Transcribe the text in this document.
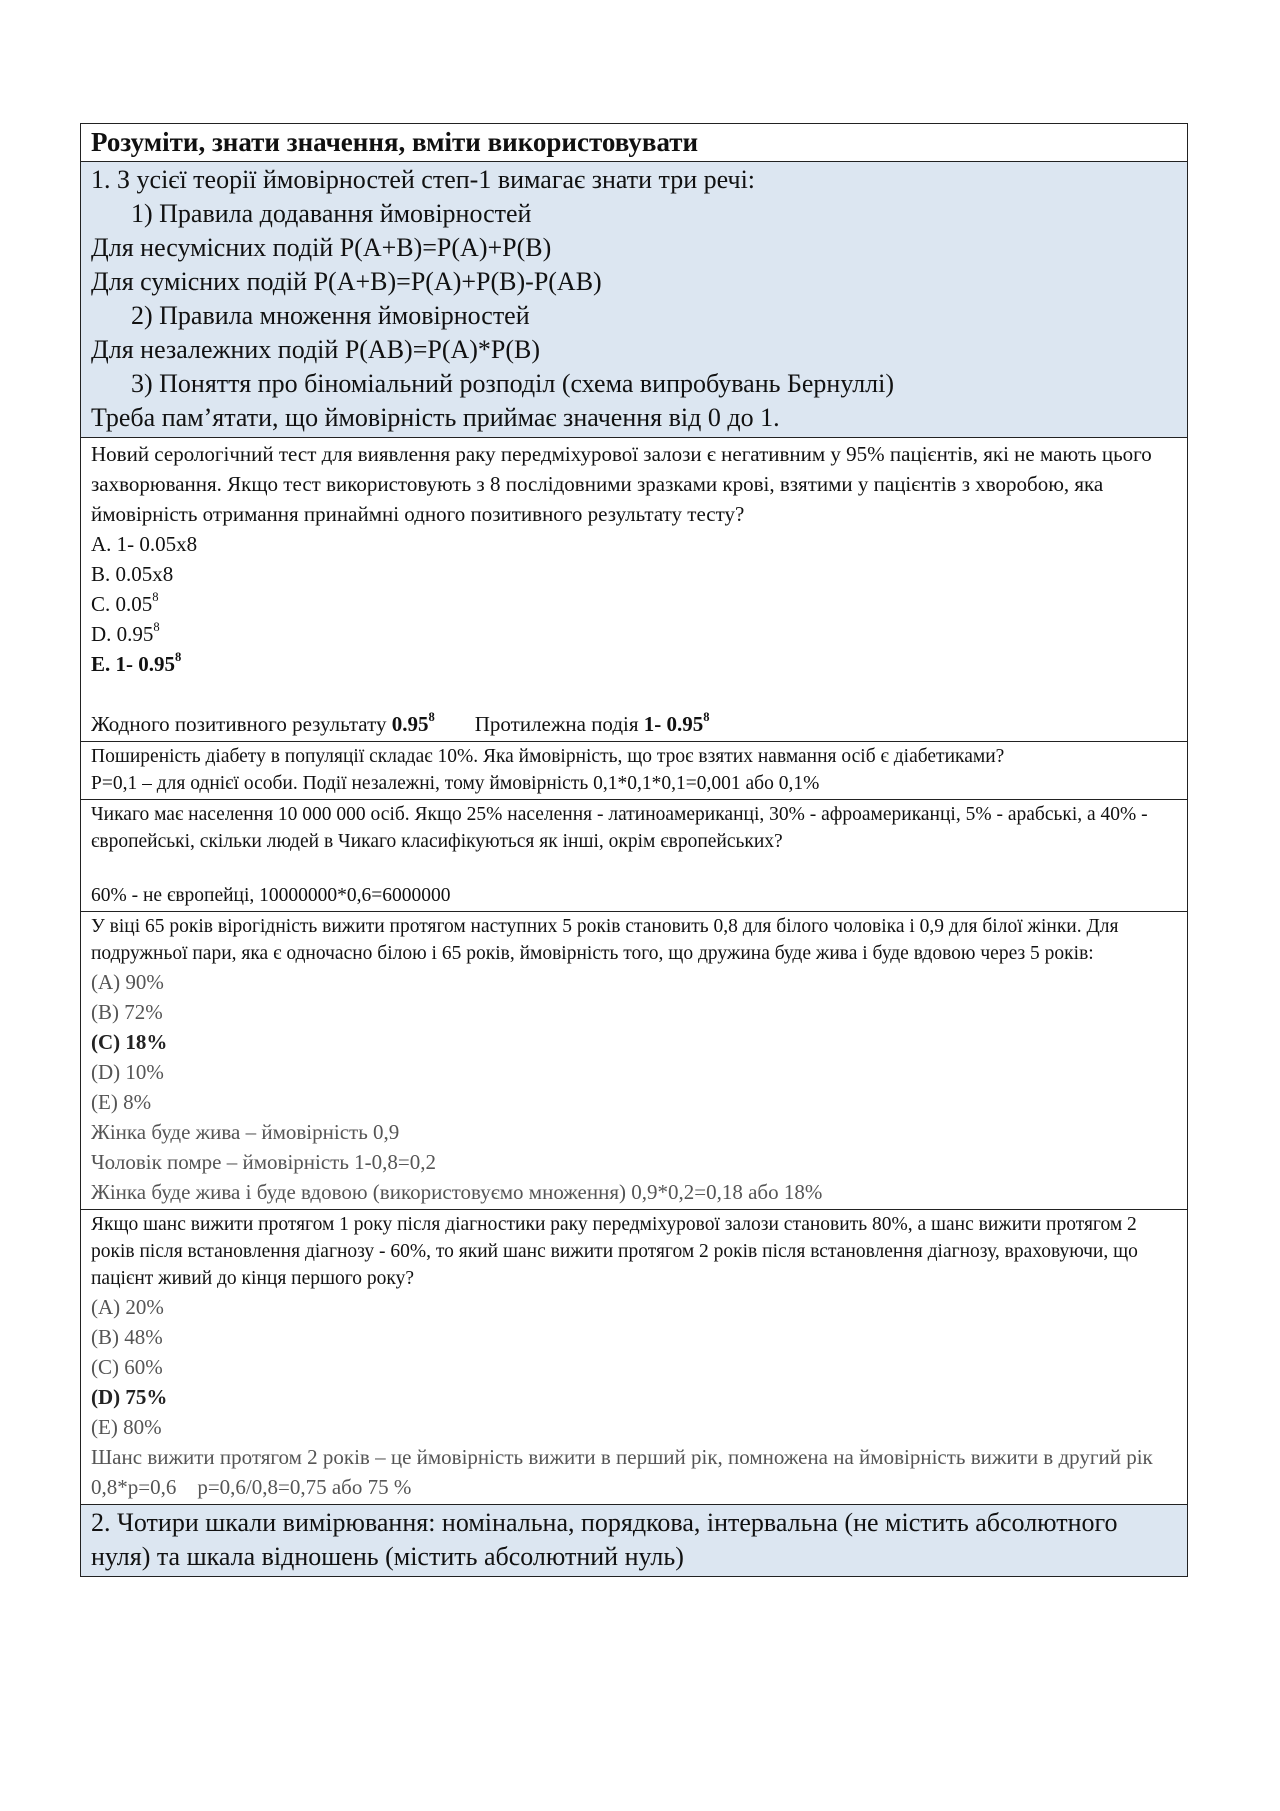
Розуміти, знати значення, вміти використовувати

1. З усієї теорії ймовірностей степ-1 вимагає знати три речі:

1) Правила додавання ймовірностей

Для несумісних подій P(A+B)=P(A)+P(B)

Для сумісних подій P(A+B)=P(A)+P(B)-P(AB)

2) Правила множення ймовірностей

Для незалежних подій P(AB)=P(A)*P(B)

3) Поняття про біноміальний розподіл (схема випробувань Бернуллі)

Треба пам’ятати, що ймовірність приймає значення від 0 до 1.

Новий серологічний тест для виявлення раку передміхурової залози є негативним у 95% пацієнтів, які не мають цього захворювання. Якщо тест використовують з 8 послідовними зразками крові, взятими у пацієнтів з хворобою, яка ймовірність отримання принаймні одного позитивного результату тесту?

A. 1- 0.05x8

B. 0.05x8

C. 0.05$^8$

D. 0.95$^8$

E. 1- 0.95$^8$

Жодного позитивного результату 0.95$^8$ Протилежна подія 1- 0.95$^8$

Поширеність діабету в популяції складає 10%. Яка ймовірність, що троє взятих навмання осіб є діабетиками?

P=0,1 – для однієї особи. Події незалежні, тому ймовірність 0,1*0,1*0,1=0,001 або 0,1%

Чикаго має населення 10 000 000 осіб. Якщо 25% населення - латиноамериканці, 30% - афроамериканці, 5% - арабські, а 40% - європейські, скільки людей в Чикаго класифікуються як інші, окрім європейських?

60% - не європейці, 10000000*0,6=6000000

У віці 65 років вірогідність вижити протягом наступних 5 років становить 0,8 для білого чоловіка і 0,9 для білої жінки. Для подружньої пари, яка є одночасно білою і 65 років, ймовірність того, що дружина буде жива і буде вдовою через 5 років:

(A) 90%

(B) 72%

(C) 18%

(D) 10%

(E) 8%

Жінка буде жива – ймовірність 0,9

Чоловік помре – ймовірність 1-0,8=0,2

Жінка буде жива і буде вдовою (використовуємо множення) 0,9*0,2=0,18 або 18%

Якщо шанс вижити протягом 1 року після діагностики раку передміхурової залози становить 80%, а шанс вижити протягом 2 років після встановлення діагнозу - 60%, то який шанс вижити протягом 2 років після встановлення діагнозу, враховуючи, що пацієнт живий до кінця першого року?

(A) 20%

(B) 48%

(C) 60%

(D) 75%

(E) 80%

Шанс вижити протягом 2 років – це ймовірність вижити в перший рік, помножена на ймовірність вижити в другий рік

0,8*p=0,6    p=0,6/0,8=0,75 або 75 %

2. Чотири шкали вимірювання: номінальна, порядкова, інтервальна (не містить абсолютного нуля) та шкала відношень (містить абсолютний нуль)
